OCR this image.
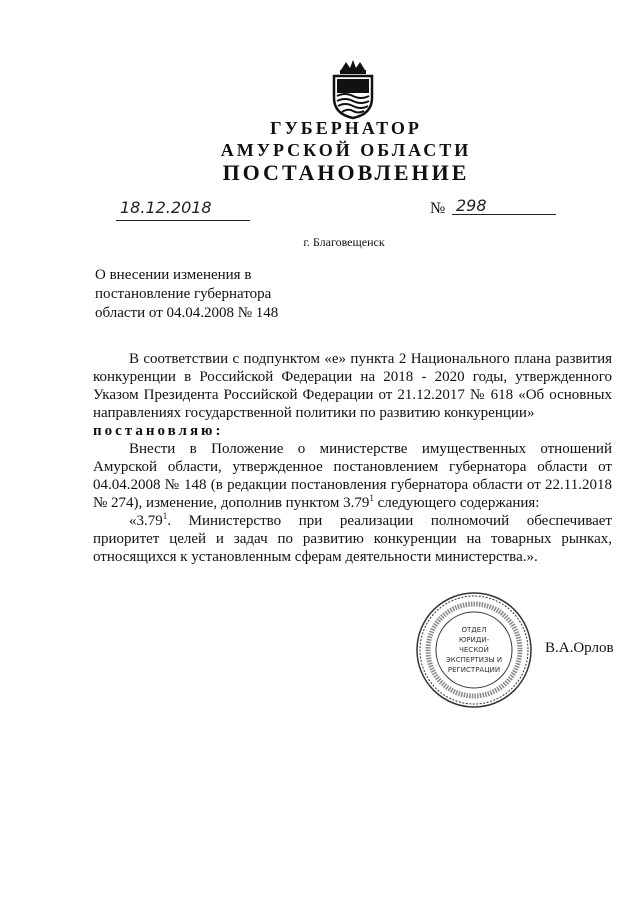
ГУБЕРНАТОР
АМУРСКОЙ ОБЛАСТИ
ПОСТАНОВЛЕНИЕ
18.12.2018	№ 298
г. Благовещенск
О внесении изменения в
постановление губернатора
области от 04.04.2008 № 148

В соответствии с подпунктом «е» пункта 2 Национального плана развития конкуренции в Российской Федерации на 2018 - 2020 годы, утвержденного Указом Президента Российской Федерации от 21.12.2017 № 618 «Об основных направлениях государственной политики по развитию конкуренции»

постановляю:

Внести в Положение о министерстве имущественных отношений Амурской области, утвержденное постановлением губернатора области от 04.04.2008 № 148 (в редакции постановления губернатора области от 22.11.2018 № 274), изменение, дополнив пунктом 3.79$^1$ следующего содержания:

«3.79$^1$. Министерство при реализации полномочий обеспечивает приоритет целей и задач по развитию конкуренции на товарных рынках, относящихся к установленным сферам деятельности министерства.».

ОТДЕЛ
ЮРИДИ-
ЧЕСКОЙ
ЭКСПЕРТИЗЫ И
РЕГИСТРАЦИИ
В.А.Орлов
